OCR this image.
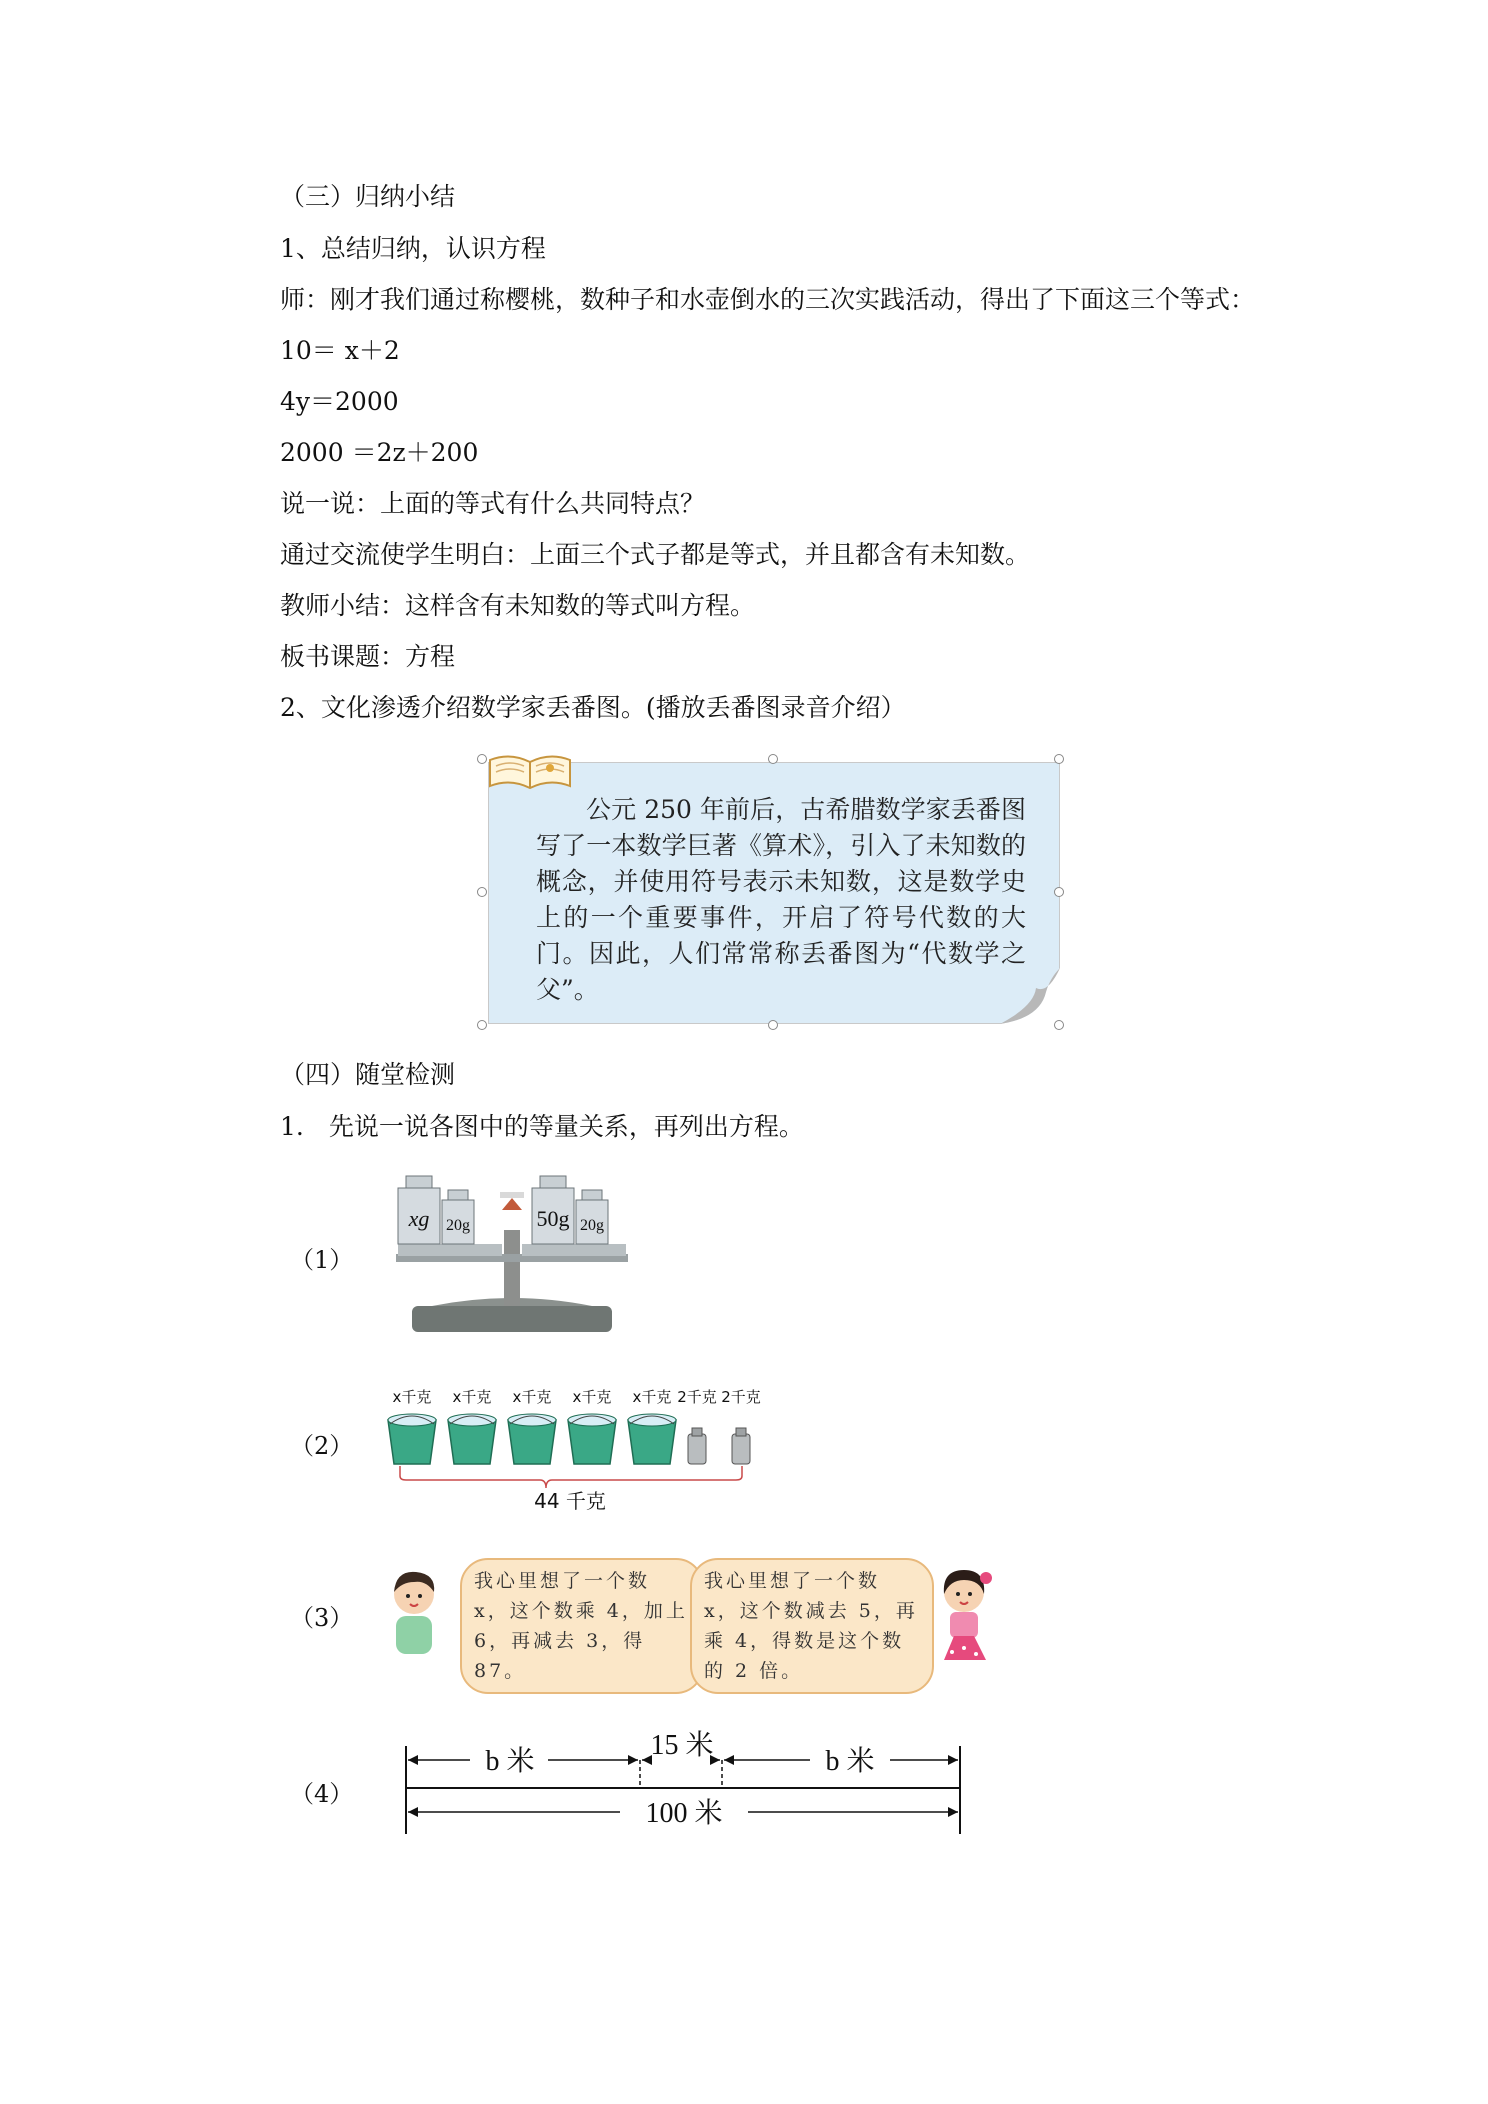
（三）归纳小结
1、总结归纳，认识方程
师：刚才我们通过称樱桃，数种子和水壶倒水的三次实践活动，得出了下面这三个等式：
10＝ x＋2
4y＝2000
2000 ＝2z＋200
说一说：上面的等式有什么共同特点？
通过交流使学生明白：上面三个式子都是等式，并且都含有未知数。
教师小结：这样含有未知数的等式叫方程。
板书课题：方程
2、文化渗透介绍数学家丢番图。(播放丢番图录音介绍）
公元 250 年前后，古希腊数学家丢番图写了一本数学巨著《算术》，引入了未知数的概念，并使用符号表示未知数，这是数学史上的一个重要事件，开启了符号代数的大门。因此，人们常常称丢番图为“代数学之父”。
（四）随堂检测
1.　先说一说各图中的等量关系，再列出方程。
（1）
xg 20g	50g 20g
（2）
x千克 x千克 x千克 x千克 x千克 2千克 2千克
44 千克
（3）
我心里想了一个数 x，这个数乘 4，加上 6，再减去 3，得 87。
我心里想了一个数 x，这个数减去 5，再乘 4，得数是这个数的 2 倍。
（4）
b 米
15 米
b 米
100 米
